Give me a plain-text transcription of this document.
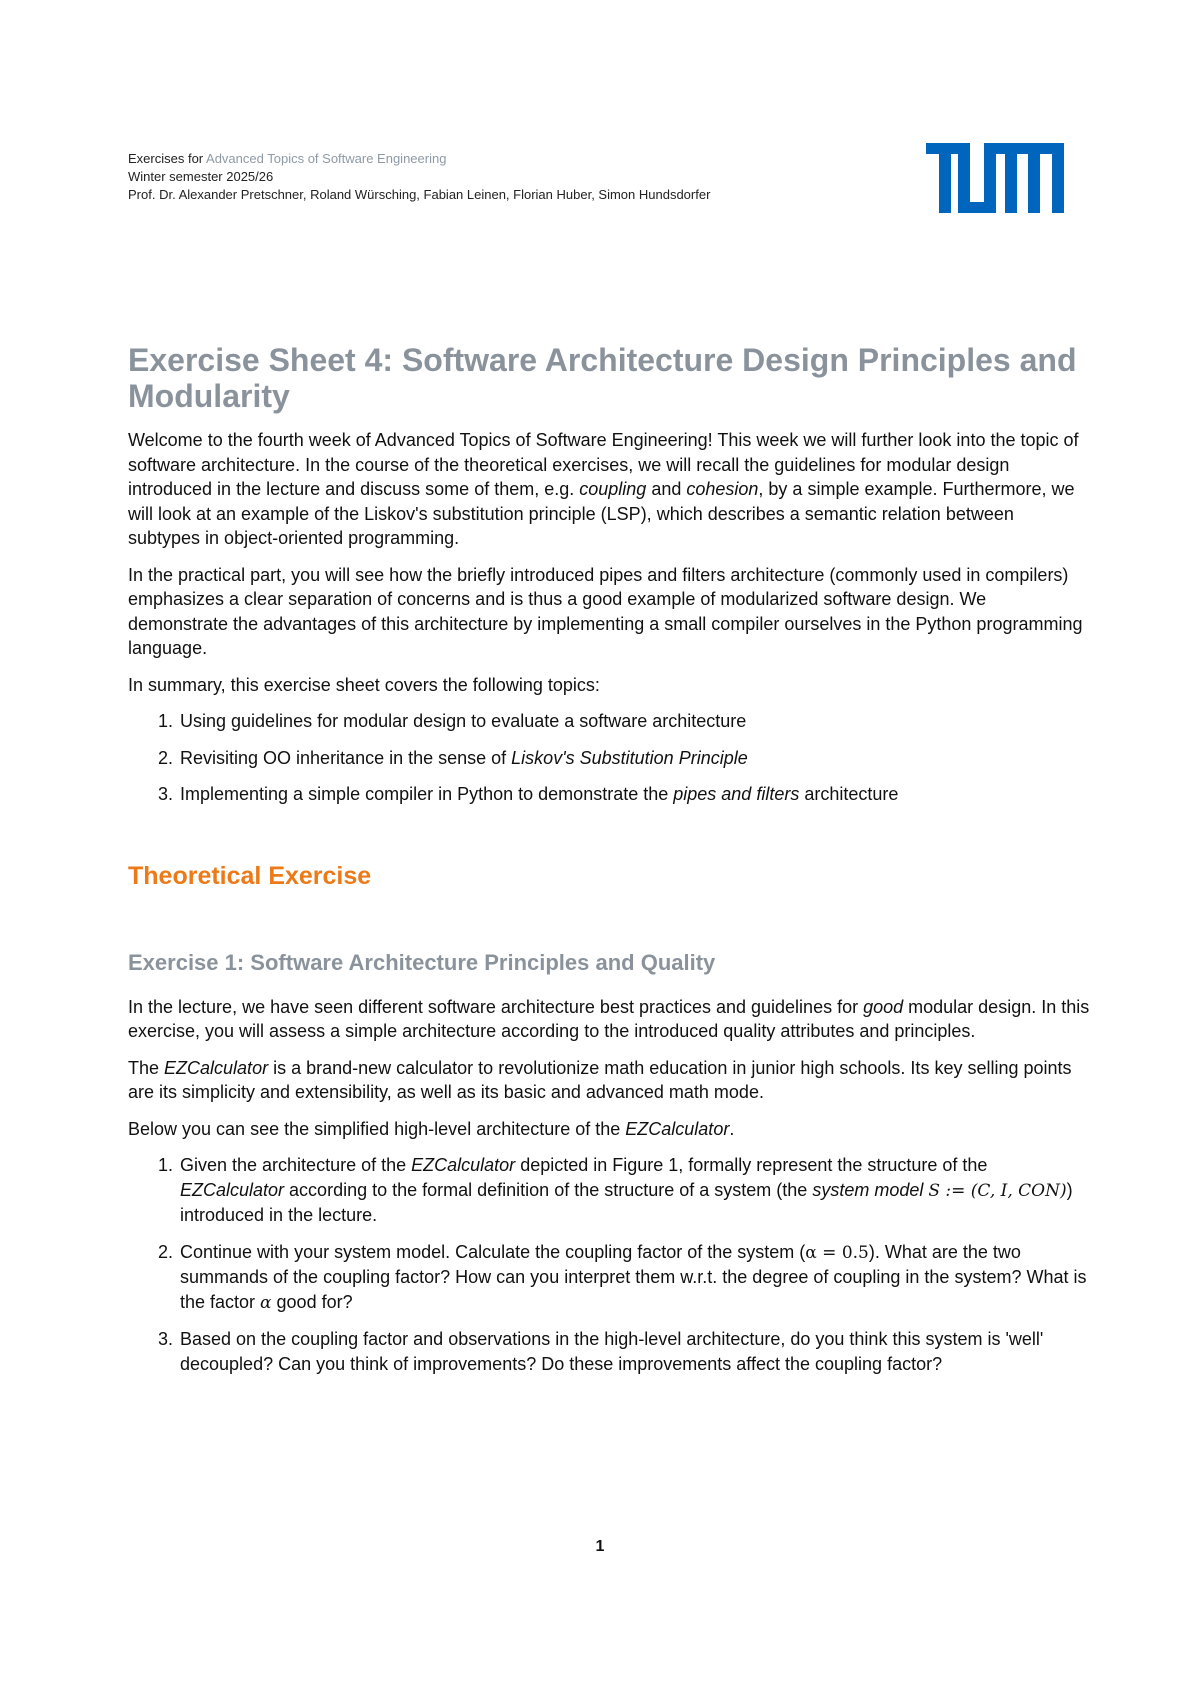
Exercises for Advanced Topics of Software Engineering
Winter semester 2025/26
Prof. Dr. Alexander Pretschner, Roland Würsching, Fabian Leinen, Florian Huber, Simon Hundsdorfer
Exercise Sheet 4: Software Architecture Design Principles and Modularity

Welcome to the fourth week of Advanced Topics of Software Engineering! This week we will further look into the topic of software architecture. In the course of the theoretical exercises, we will recall the guidelines for modular design introduced in the lecture and discuss some of them, e.g. coupling and cohesion, by a simple example. Furthermore, we will look at an example of the Liskov's substitution principle (LSP), which describes a semantic relation between subtypes in object-oriented programming.

In the practical part, you will see how the briefly introduced pipes and filters architecture (commonly used in compilers) emphasizes a clear separation of concerns and is thus a good example of modularized software design. We demonstrate the advantages of this architecture by implementing a small compiler ourselves in the Python programming language.

In summary, this exercise sheet covers the following topics:

1. Using guidelines for modular design to evaluate a software architecture
2. Revisiting OO inheritance in the sense of Liskov's Substitution Principle
3. Implementing a simple compiler in Python to demonstrate the pipes and filters architecture
Theoretical Exercise
Exercise 1: Software Architecture Principles and Quality

In the lecture, we have seen different software architecture best practices and guidelines for good modular design. In this exercise, you will assess a simple architecture according to the introduced quality attributes and principles.

The EZCalculator is a brand-new calculator to revolutionize math education in junior high schools. Its key selling points are its simplicity and extensibility, as well as its basic and advanced math mode.

Below you can see the simplified high-level architecture of the EZCalculator.

1. Given the architecture of the EZCalculator depicted in Figure 1, formally represent the structure of the EZCalculator according to the formal definition of the structure of a system (the system model S := (C, I, CON)) introduced in the lecture.
2. Continue with your system model. Calculate the coupling factor of the system (α = 0.5). What are the two summands of the coupling factor? How can you interpret them w.r.t. the degree of coupling in the system? What is the factor α good for?
3. Based on the coupling factor and observations in the high-level architecture, do you think this system is 'well' decoupled? Can you think of improvements? Do these improvements affect the coupling factor?
1
